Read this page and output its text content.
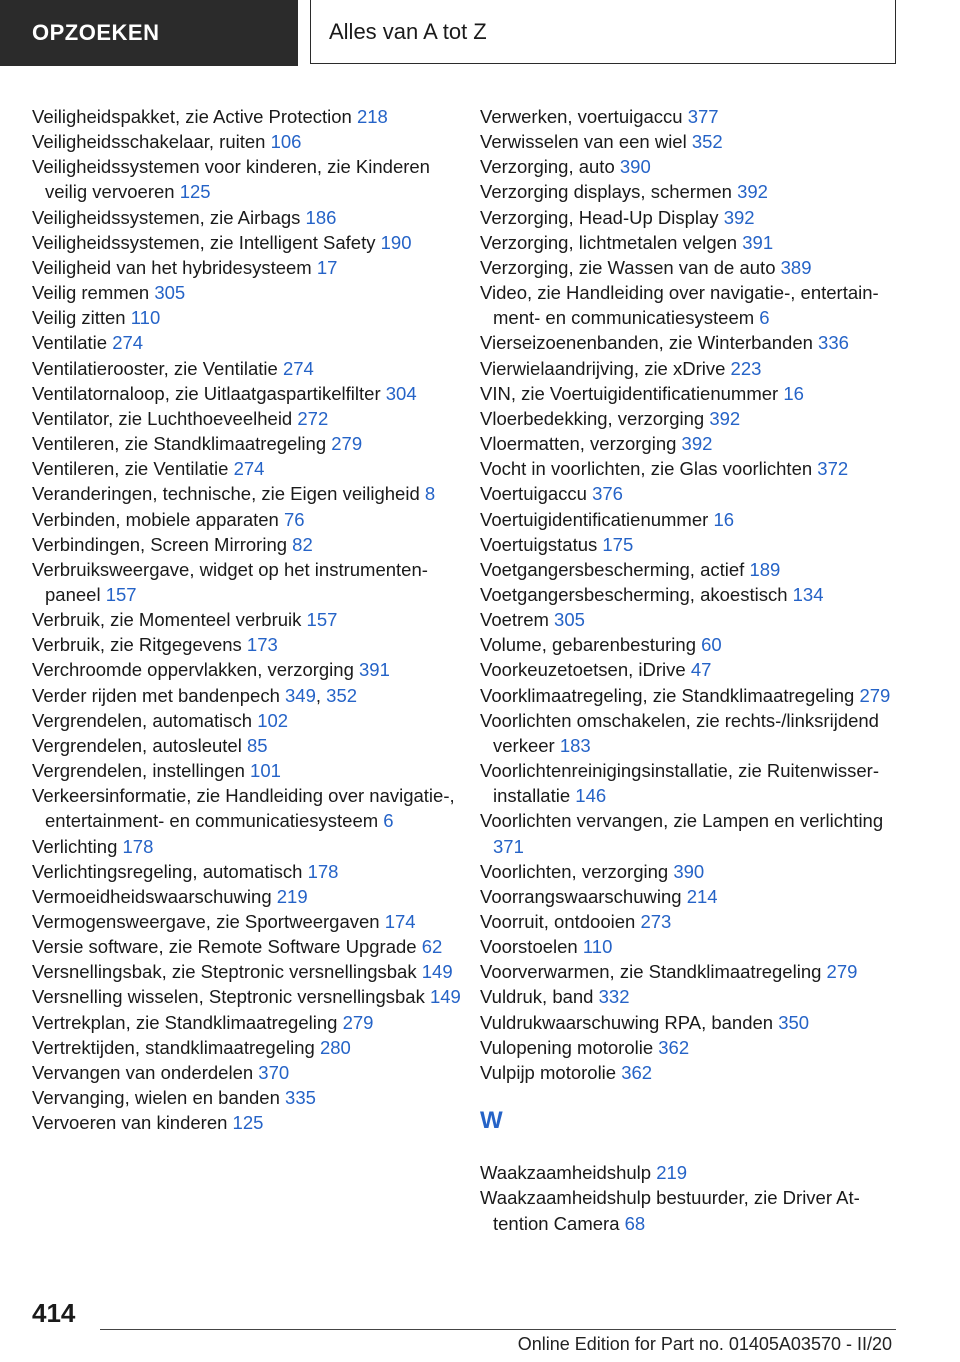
OPZOEKEN	Alles van A tot Z
Veiligheidspakket, zie Active Protection 218
Veiligheidsschakelaar, ruiten 106
Veiligheidssystemen voor kinderen, zie Kinderen veilig vervoeren 125
Veiligheidssystemen, zie Airbags 186
Veiligheidssystemen, zie Intelligent Safety 190
Veiligheid van het hybridesysteem 17
Veilig remmen 305
Veilig zitten 110
Ventilatie 274
Ventilatierooster, zie Ventilatie 274
Ventilatornaloop, zie Uitlaatgaspartikelfilter 304
Ventilator, zie Luchthoeveelheid 272
Ventileren, zie Standklimaatregeling 279
Ventileren, zie Ventilatie 274
Veranderingen, technische, zie Eigen veiligheid 8
Verbinden, mobiele apparaten 76
Verbindingen, Screen Mirroring 82
Verbruiksweergave, widget op het instrumentenpaneel 157
Verbruik, zie Momenteel verbruik 157
Verbruik, zie Ritgegevens 173
Verchroomde oppervlakken, verzorging 391
Verder rijden met bandenpech 349, 352
Vergrendelen, automatisch 102
Vergrendelen, autosleutel 85
Vergrendelen, instellingen 101
Verkeersinformatie, zie Handleiding over navigatie-, entertainment- en communicatiesysteem 6
Verlichting 178
Verlichtingsregeling, automatisch 178
Vermoeidheidswaarschuwing 219
Vermogensweergave, zie Sportweergaven 174
Versie software, zie Remote Software Upgrade 62
Versnellingsbak, zie Steptronic versnellingsbak 149
Versnelling wisselen, Steptronic versnellingsbak 149
Vertrekplan, zie Standklimaatregeling 279
Vertrektijden, standklimaatregeling 280
Vervangen van onderdelen 370
Vervanging, wielen en banden 335
Vervoeren van kinderen 125
Verwerken, voertuigaccu 377
Verwisselen van een wiel 352
Verzorging, auto 390
Verzorging displays, schermen 392
Verzorging, Head-Up Display 392
Verzorging, lichtmetalen velgen 391
Verzorging, zie Wassen van de auto 389
Video, zie Handleiding over navigatie-, entertainment- en communicatiesysteem 6
Vierseizoenenbanden, zie Winterbanden 336
Vierwielaandrijving, zie xDrive 223
VIN, zie Voertuigidentificatienummer 16
Vloerbedekking, verzorging 392
Vloermatten, verzorging 392
Vocht in voorlichten, zie Glas voorlichten 372
Voertuigaccu 376
Voertuigidentificatienummer 16
Voertuigstatus 175
Voetgangersbescherming, actief 189
Voetgangersbescherming, akoestisch 134
Voetrem 305
Volume, gebarenbesturing 60
Voorkeuzetoetsen, iDrive 47
Voorklimaatregeling, zie Standklimaatregeling 279
Voorlichten omschakelen, zie rechts-/linksrijdend verkeer 183
Voorlichtenreinigingsinstallatie, zie Ruitenwisserinstallatie 146
Voorlichten vervangen, zie Lampen en verlichting 371
Voorlichten, verzorging 390
Voorrangswaarschuwing 214
Voorruit, ontdooien 273
Voorstoelen 110
Voorverwarmen, zie Standklimaatregeling 279
Vuldruk, band 332
Vuldrukwaarschuwing RPA, banden 350
Vulopening motorolie 362
Vulpijp motorolie 362
W
Waakzaamheidshulp 219
Waakzaamheidshulp bestuurder, zie Driver Attention Camera 68
414
Online Edition for Part no. 01405A03570 - II/20
